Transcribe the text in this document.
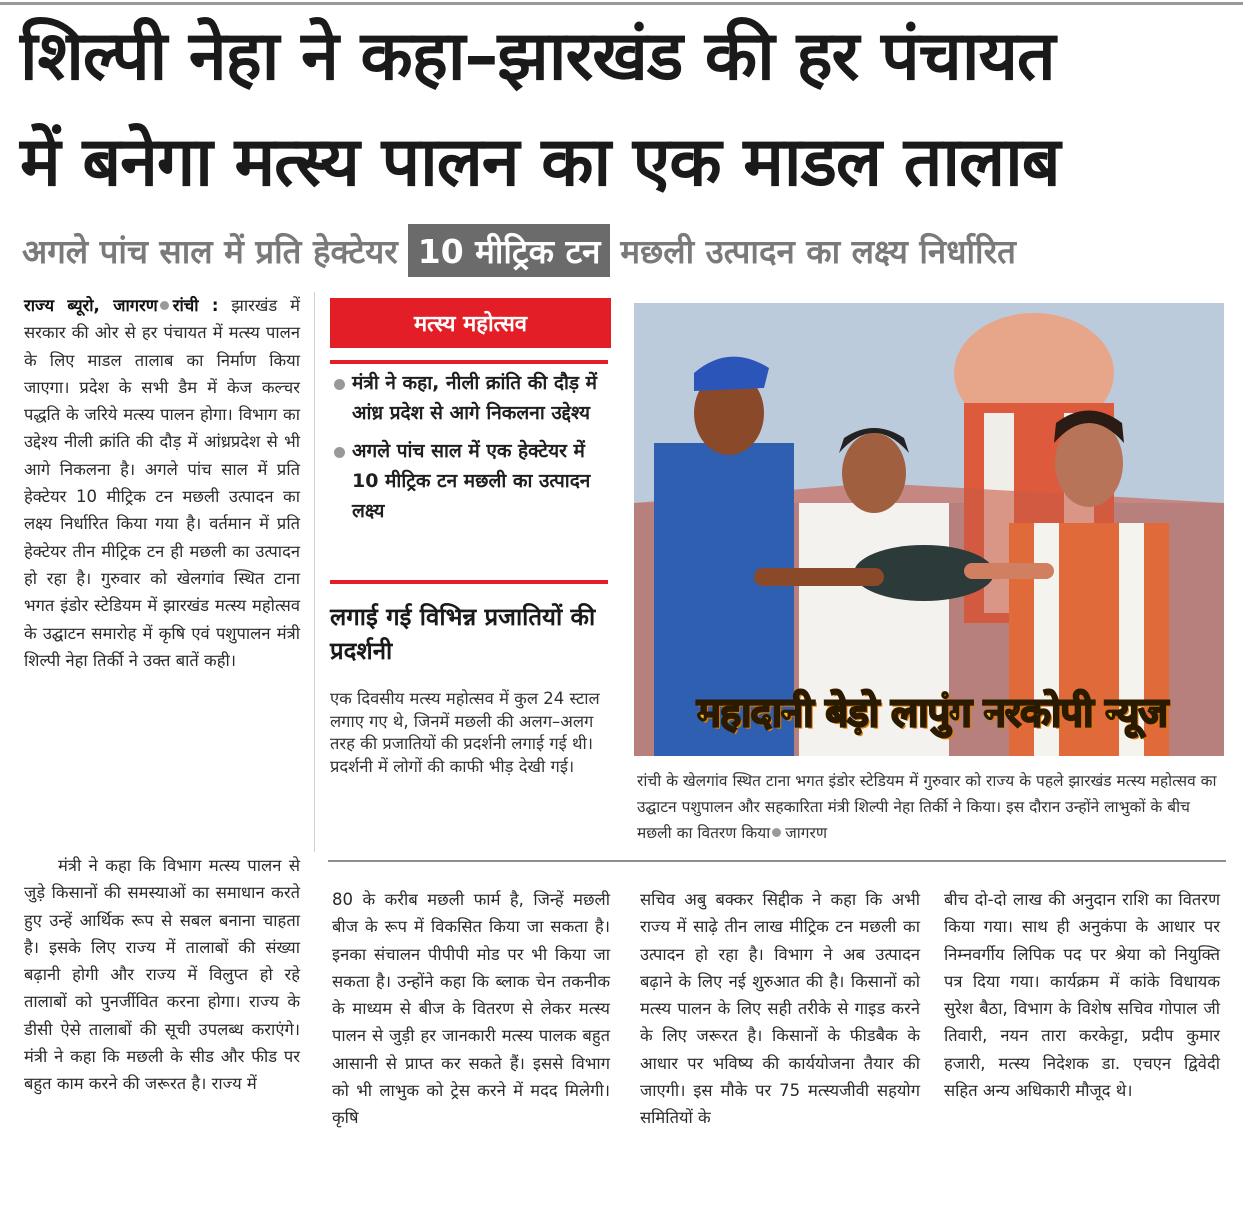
शिल्पी नेहा ने कहा–झारखंड की हर पंचायत
में बनेगा मत्स्य पालन का एक माडल तालाब
अगले पांच साल में प्रति हेक्टेयर 10 मीट्रिक टन मछली उत्पादन का लक्ष्य निर्धारित

राज्य ब्यूरो, जागरण रांची : झारखंड में सरकार की ओर से हर पंचायत में मत्स्य पालन के लिए माडल तालाब का निर्माण किया जाएगा। प्रदेश के सभी डैम में केज कल्चर पद्धति के जरिये मत्स्य पालन होगा। विभाग का उद्देश्य नीली क्रांति की दौड़ में आंध्रप्रदेश से भी आगे निकलना है। अगले पांच साल में प्रति हेक्टेयर 10 मीट्रिक टन मछली उत्पादन का लक्ष्य निर्धारित किया गया है। वर्तमान में प्रति हेक्टेयर तीन मीट्रिक टन ही मछली का उत्पादन हो रहा है। गुरुवार को खेलगांव स्थित टाना भगत इंडोर स्टेडियम में झारखंड मत्स्य महोत्सव के उद्घाटन समारोह में कृषि एवं पशुपालन मंत्री शिल्पी नेहा तिर्की ने उक्त बातें कही।

मंत्री ने कहा कि विभाग मत्स्य पालन से जुड़े किसानों की समस्याओं का समाधान करते हुए उन्हें आर्थिक रूप से सबल बनाना चाहता है। इसके लिए राज्य में तालाबों की संख्या बढ़ानी होगी और राज्य में विलुप्त हो रहे तालाबों को पुनर्जीवित करना होगा। राज्य के डीसी ऐसे तालाबों की सूची उपलब्ध कराएंगे। मंत्री ने कहा कि मछली के सीड और फीड पर बहुत काम करने की जरूरत है। राज्य में
मत्स्य महोत्सव
मंत्री ने कहा, नीली क्रांति की दौड़ में आंध्र प्रदेश से आगे निकलना उद्देश्य
अगले पांच साल में एक हेक्टेयर में 10 मीट्रिक टन मछली का उत्पादन लक्ष्य
लगाई गई विभिन्न प्रजातियों की प्रदर्शनी
एक दिवसीय मत्स्य महोत्सव में कुल 24 स्टाल लगाए गए थे, जिनमें मछली की अलग–अलग तरह की प्रजातियों की प्रदर्शनी लगाई गई थी।प्रदर्शनी में लोगों की काफी भीड़ देखी गई।
महादानी बेड़ो लापुंग नरकोपी न्यूज
रांची के खेलगांव स्थित टाना भगत इंडोर स्टेडियम में गुरुवार को राज्य के पहले झारखंड मत्स्य महोत्सव का उद्घाटन पशुपालन और सहकारिता मंत्री शिल्पी नेहा तिर्की ने किया। इस दौरान उन्होंने लाभुकों के बीच मछली का वितरण किया जागरण
80 के करीब मछली फार्म है, जिन्हें मछली बीज के रूप में विकसित किया जा सकता है। इनका संचालन पीपीपी मोड पर भी किया जा सकता है। उन्होंने कहा कि ब्लाक चेन तकनीक के माध्यम से बीज के वितरण से लेकर मत्स्य पालन से जुड़ी हर जानकारी मत्स्य पालक बहुत आसानी से प्राप्त कर सकते हैं। इससे विभाग को भी लाभुक को ट्रेस करने में मदद मिलेगी। कृषि
सचिव अबु बक्कर सिद्दीक ने कहा कि अभी राज्य में साढ़े तीन लाख मीट्रिक टन मछली का उत्पादन हो रहा है। विभाग ने अब उत्पादन बढ़ाने के लिए नई शुरुआत की है। किसानों को मत्स्य पालन के लिए सही तरीके से गाइड करने के लिए जरूरत है। किसानों के फीडबैक के आधार पर भविष्य की कार्ययोजना तैयार की जाएगी। इस मौके पर 75 मत्स्यजीवी सहयोग समितियों के
बीच दो-दो लाख की अनुदान राशि का वितरण किया गया। साथ ही अनुकंपा के आधार पर निम्नवर्गीय लिपिक पद पर श्रेया को नियुक्ति पत्र दिया गया। कार्यक्रम में कांके विधायक सुरेश बैठा, विभाग के विशेष सचिव गोपाल जी तिवारी, नयन तारा करकेट्टा, प्रदीप कुमार हजारी, मत्स्य निदेशक डा. एचएन द्विवेदी सहित अन्य अधिकारी मौजूद थे।
